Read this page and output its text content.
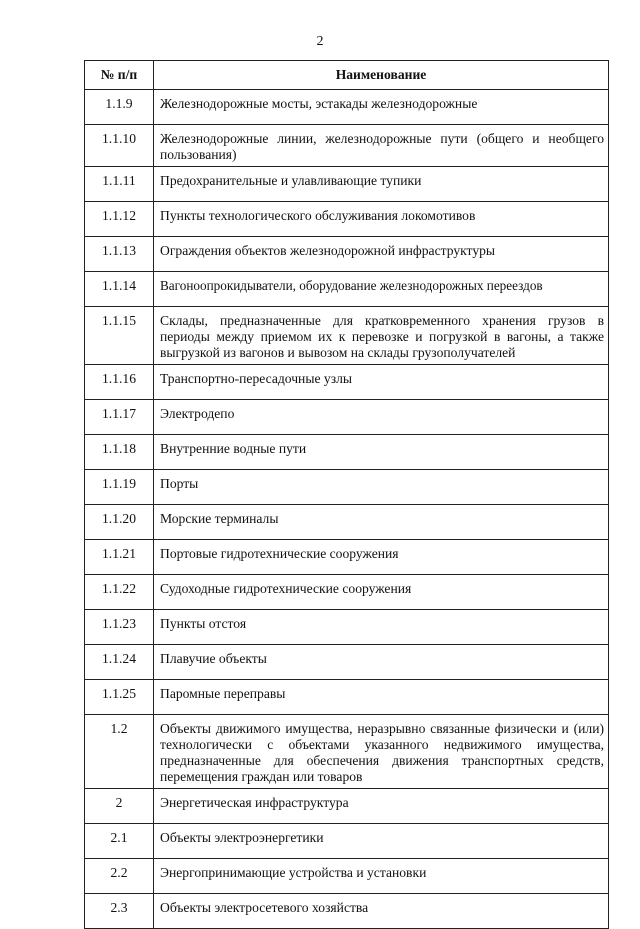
2
№ п/п	Наименование
1.1.9	Железнодорожные мосты, эстакады железнодорожные
1.1.10	Железнодорожные линии, железнодорожные пути (общего и необщего пользования)
1.1.11	Предохранительные и улавливающие тупики
1.1.12	Пункты технологического обслуживания локомотивов
1.1.13	Ограждения объектов железнодорожной инфраструктуры
1.1.14	Вагоноопрокидыватели, оборудование железнодорожных переездов
1.1.15	Склады, предназначенные для кратковременного хранения грузов в периоды между приемом их к перевозке и погрузкой в вагоны, а также выгрузкой из вагонов и вывозом на склады грузополучателей
1.1.16	Транспортно-пересадочные узлы
1.1.17	Электродепо
1.1.18	Внутренние водные пути
1.1.19	Порты
1.1.20	Морские терминалы
1.1.21	Портовые гидротехнические сооружения
1.1.22	Судоходные гидротехнические сооружения
1.1.23	Пункты отстоя
1.1.24	Плавучие объекты
1.1.25	Паромные переправы
1.2	Объекты движимого имущества, неразрывно связанные физически и (или) технологически с объектами указанного недвижимого имущества, предназначенные для обеспечения движения транспортных средств, перемещения граждан или товаров
2	Энергетическая инфраструктура
2.1	Объекты электроэнергетики
2.2	Энергопринимающие устройства и установки
2.3	Объекты электросетевого хозяйства
